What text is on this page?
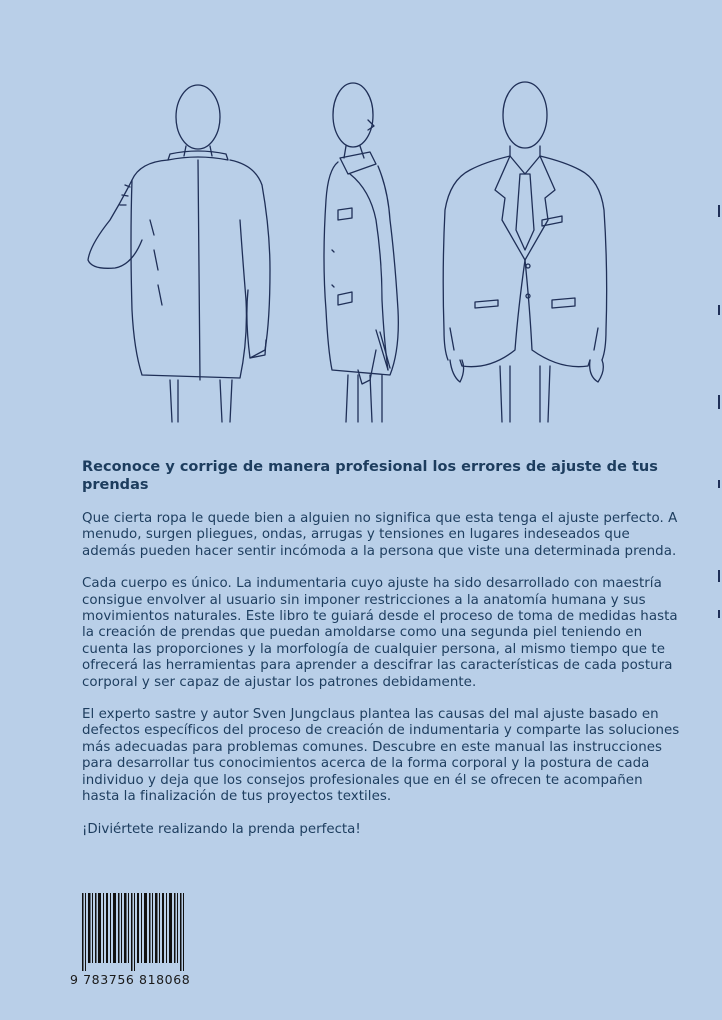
Reconoce y corrige de manera profesional los errores de ajuste de tus prendas

Que cierta ropa le quede bien a alguien no significa que esta tenga el ajuste perfecto. A menudo, surgen pliegues, ondas, arrugas y tensiones en lugares indeseados que además pueden hacer sentir incómoda a la persona que viste una determinada prenda.

Cada cuerpo es único. La indumentaria cuyo ajuste ha sido desarrollado con maestría consigue envolver al usuario sin imponer restricciones a la anatomía humana y sus movimientos naturales. Este libro te guiará desde el proceso de toma de medidas hasta la creación de prendas que puedan amoldarse como una segunda piel teniendo en cuenta las proporciones y la morfología de cualquier persona, al mismo tiempo que te ofrecerá las herramientas para aprender a descifrar las características de cada postura corporal y ser capaz de ajustar los patrones debidamente.

El experto sastre y autor Sven Jungclaus plantea las causas del mal ajuste basado en defectos específicos del proceso de creación de indumentaria y comparte las soluciones más adecuadas para problemas comunes. Descubre en este manual las instrucciones para desarrollar tus conocimientos acerca de la forma corporal y la postura de cada individuo y deja que los consejos profesionales que en él se ofrecen te acompañen hasta la finalización de tus proyectos textiles.

¡Diviértete realizando la prenda perfecta!

9 783756 818068
